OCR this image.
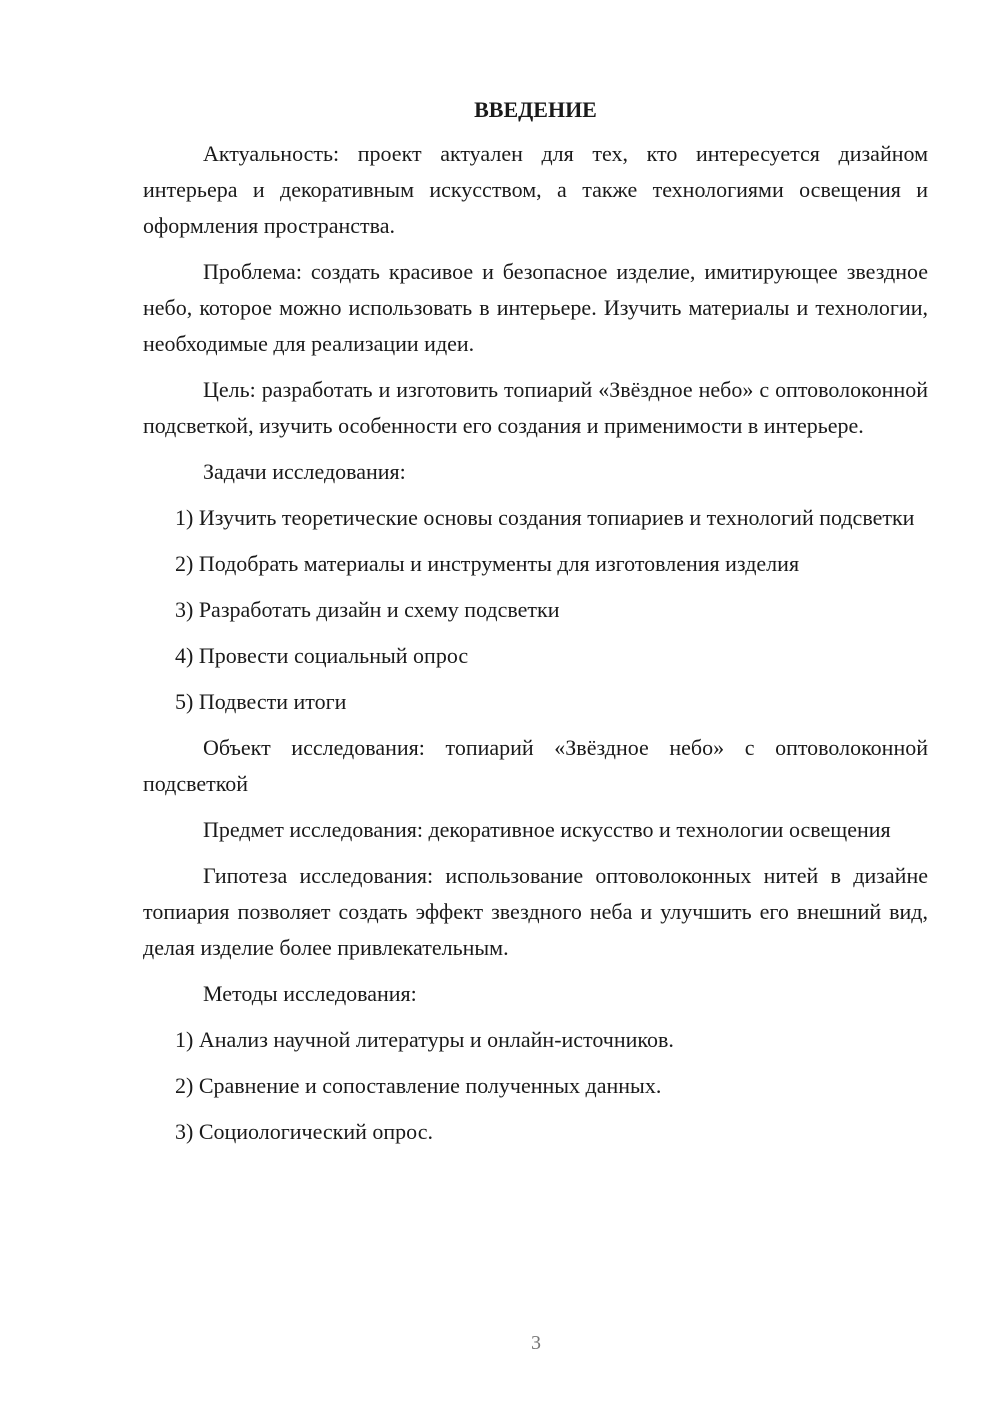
ВВЕДЕНИЕ

Актуальность: проект актуален для тех, кто интересуется дизайном интерьера и декоративным искусством, а также технологиями освещения и оформления пространства.

Проблема: создать красивое и безопасное изделие, имитирующее звездное небо, которое можно использовать в интерьере. Изучить материалы и технологии, необходимые для реализации идеи.

Цель: разработать и изготовить топиарий «Звёздное небо» с оптоволоконной подсветкой, изучить особенности его создания и применимости в интерьере.

Задачи исследования:

1) Изучить теоретические основы создания топиариев и технологий подсветки

2) Подобрать материалы и инструменты для изготовления изделия

3) Разработать дизайн и схему подсветки

4) Провести социальный опрос

5) Подвести итоги

Объект исследования: топиарий «Звёздное небо» с оптоволоконной подсветкой

Предмет исследования: декоративное искусство и технологии освещения

Гипотеза исследования: использование оптоволоконных нитей в дизайне топиария позволяет создать эффект звездного неба и улучшить его внешний вид, делая изделие более привлекательным.

Методы исследования:

1) Анализ научной литературы и онлайн-источников.

2) Сравнение и сопоставление полученных данных.

3) Социологический опрос.

3
